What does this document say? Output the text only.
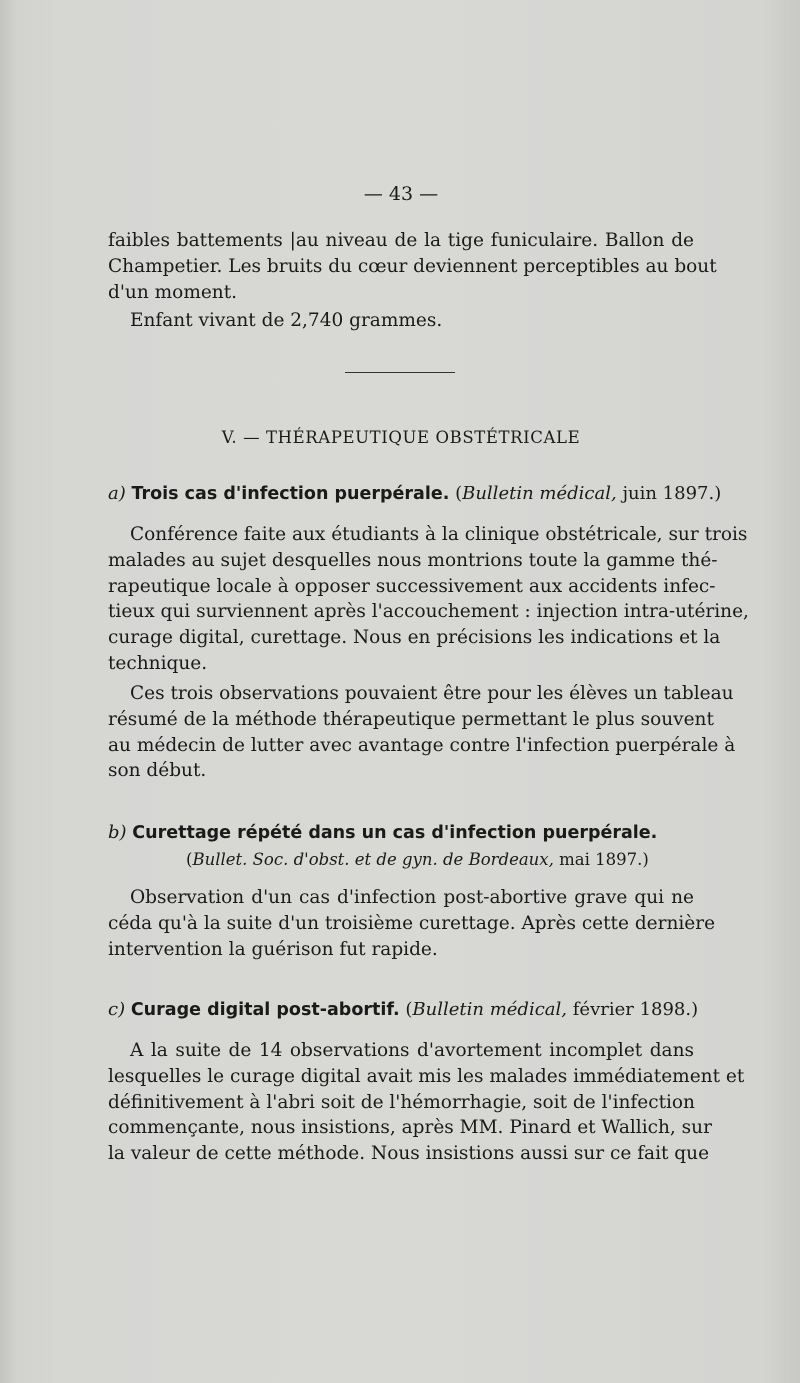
— 43 —
faibles battements |au niveau de la tige funiculaire. Ballon de
Champetier. Les bruits du cœur deviennent perceptibles au bout
d'un moment.
Enfant vivant de 2,740 grammes.
V. — THÉRAPEUTIQUE OBSTÉTRICALE
a) Trois cas d'infection puerpérale. (Bulletin médical, juin 1897.)
Conférence faite aux étudiants à la clinique obstétricale, sur trois
malades au sujet desquelles nous montrions toute la gamme thé-
rapeutique locale à opposer successivement aux accidents infec-
tieux qui surviennent après l'accouchement : injection intra-utérine,
curage digital, curettage. Nous en précisions les indications et la
technique.
Ces trois observations pouvaient être pour les élèves un tableau
résumé de la méthode thérapeutique permettant le plus souvent
au médecin de lutter avec avantage contre l'infection puerpérale à
son début.
b) Curettage répété dans un cas d'infection puerpérale.
(Bullet. Soc. d'obst. et de gyn. de Bordeaux, mai 1897.)
Observation d'un cas d'infection post-abortive grave qui ne
céda qu'à la suite d'un troisième curettage. Après cette dernière
intervention la guérison fut rapide.
c) Curage digital post-abortif. (Bulletin médical, février 1898.)
A la suite de 14 observations d'avortement incomplet dans
lesquelles le curage digital avait mis les malades immédiatement et
définitivement à l'abri soit de l'hémorrhagie, soit de l'infection
commençante, nous insistions, après MM. Pinard et Wallich, sur
la valeur de cette méthode. Nous insistions aussi sur ce fait que
